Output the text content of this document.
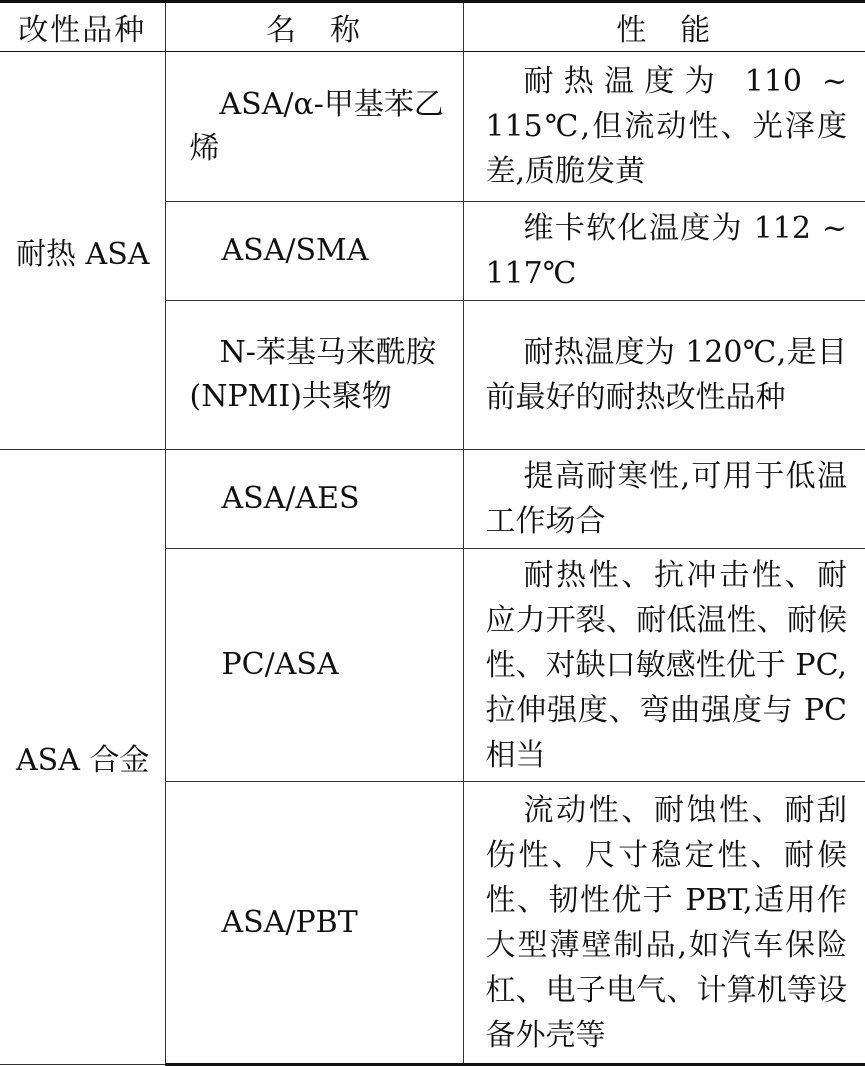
改性品种	名　称	性　能
耐热 ASA	ASA/α-甲基苯乙烯	耐热温度为 110 ~ 115℃,但流动性、光泽度差,质脆发黄
	ASA/SMA	维卡软化温度为 112 ~ 117℃
	N-苯基马来酰胺(NPMI)共聚物	耐热温度为 120℃,是目前最好的耐热改性品种
ASA 合金	ASA/AES	提高耐寒性,可用于低温工作场合
	PC/ASA	耐热性、抗冲击性、耐应力开裂、耐低温性、耐候性、对缺口敏感性优于 PC,拉伸强度、弯曲强度与 PC 相当
	ASA/PBT	流动性、耐蚀性、耐刮伤性、尺寸稳定性、耐候性、韧性优于 PBT,适用作大型薄壁制品,如汽车保险杠、电子电气、计算机等设备外壳等
